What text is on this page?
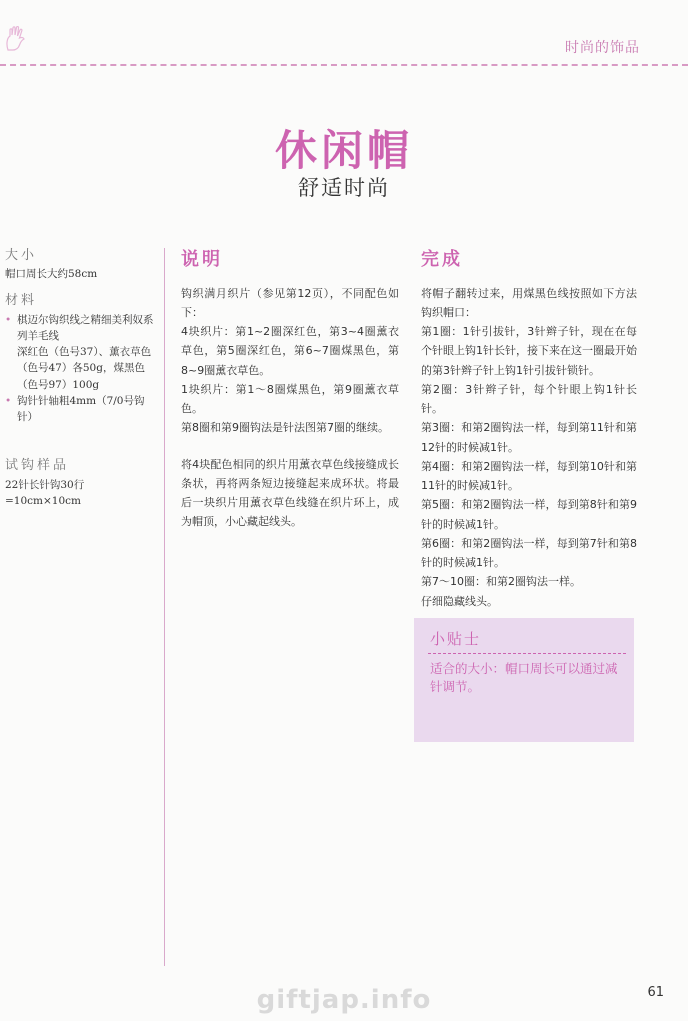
时尚的饰品
休闲帽
舒适时尚
大小
帽口周长大约58cm
材料
• 棋迈尔钩织线之精细美利奴系列羊毛线
深红色（色号37）、薰衣草色（色号47）各50g，煤黑色（色号97）100g
• 钩针针轴粗4mm（7/0号钩针）
试钩样品
22针长针钩30行=10cm×10cm
说明

钩织满月织片（参见第12页），不同配色如下：

4块织片：第1~2圈深红色，第3~4圈薰衣草色，第5圈深红色，第6~7圈煤黑色，第8~9圈薰衣草色。

1块织片：第1～8圈煤黑色，第9圈薰衣草色。

第8圈和第9圈钩法是针法图第7圈的继续。

将4块配色相同的织片用薰衣草色线接缝成长条状，再将两条短边接缝起来成环状。将最后一块织片用薰衣草色线缝在织片环上，成为帽顶，小心藏起线头。

完成

将帽子翻转过来，用煤黑色线按照如下方法钩织帽口：

第1圈：1针引拔针，3针辫子针，现在在每个针眼上钩1针长针，接下来在这一圈最开始的第3针辫子针上钩1针引拔针锁针。

第2圈：3针辫子针，每个针眼上钩1针长针。

第3圈：和第2圈钩法一样，每到第11针和第12针的时候减1针。

第4圈：和第2圈钩法一样，每到第10针和第11针的时候减1针。

第5圈：和第2圈钩法一样，每到第8针和第9针的时候减1针。

第6圈：和第2圈钩法一样，每到第7针和第8针的时候减1针。

第7～10圈：和第2圈钩法一样。

仔细隐藏线头。

小贴士
适合的大小：帽口周长可以通过减针调节。
giftjap.info	61
